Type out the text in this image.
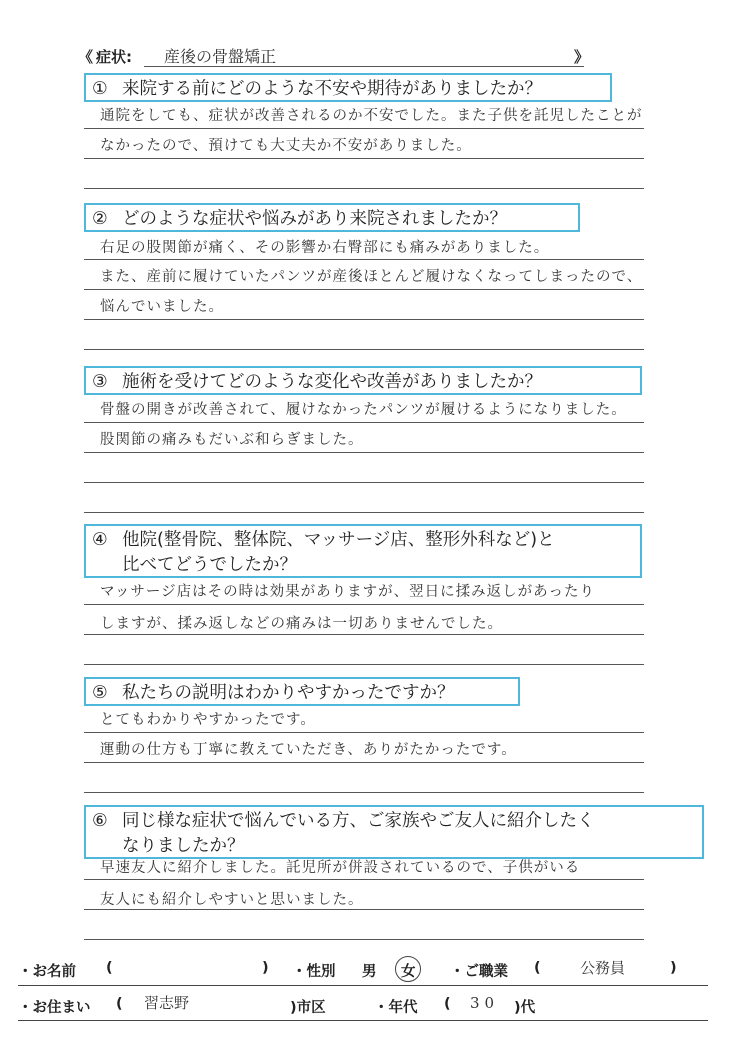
《 症状: 産後の骨盤矯正	》
① 来院する前にどのような不安や期待がありましたか？
通院をしても、症状が改善されるのか不安でした。また子供を託児したことが
なかったので、預けても大丈夫か不安がありました。
② どのような症状や悩みがあり来院されましたか？
右足の股関節が痛く、その影響か右臀部にも痛みがありました。
また、産前に履けていたパンツが産後ほとんど履けなくなってしまったので、
悩んでいました。
③ 施術を受けてどのような変化や改善がありましたか？
骨盤の開きが改善されて、履けなかったパンツが履けるようになりました。
股関節の痛みもだいぶ和らぎました。
④ 他院(整骨院、整体院、マッサージ店、整形外科など)と
比べてどうでしたか？
マッサージ店はその時は効果がありますが、翌日に揉み返しがあったり
しますが、揉み返しなどの痛みは一切ありませんでした。
⑤ 私たちの説明はわかりやすかったですか？
とてもわかりやすかったです。
運動の仕方も丁寧に教えていただき、ありがたかったです。
⑥ 同じ様な症状で悩んでいる方、ご家族やご友人に紹介したく
なりましたか？
早速友人に紹介しました。託児所が併設されているので、子供がいる
友人にも紹介しやすいと思いました。
・お名前 (	) ・性別 男 女 ・ご職業 (	公務員	)
・お住まい ( 習志野	)市区	・年代 ( 30 )代
